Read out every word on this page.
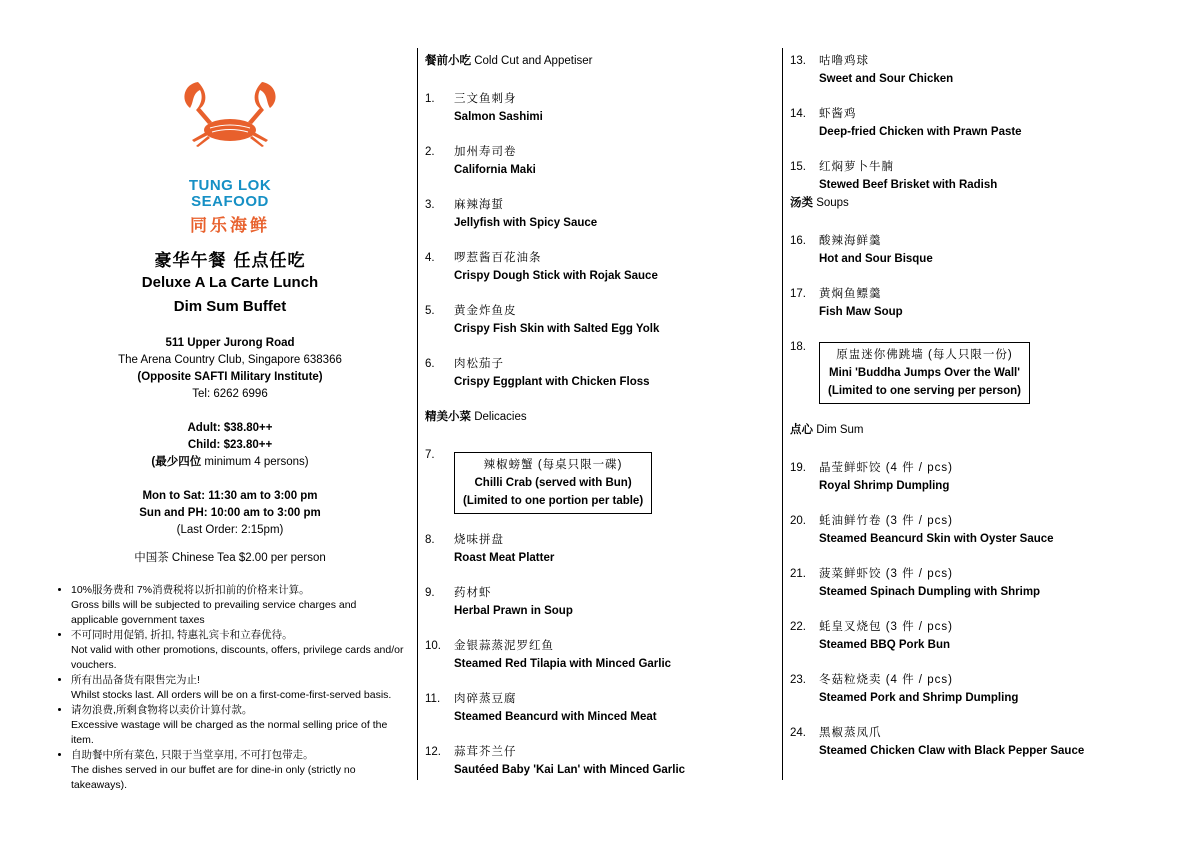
TUNG LOK
SEAFOOD
同乐海鲜
豪华午餐 任点任吃
Deluxe A La Carte Lunch
Dim Sum Buffet
511 Upper Jurong Road
The Arena Country Club, Singapore 638366
(Opposite SAFTI Military Institute)
Tel: 6262 6996
Adult: $38.80++
Child: $23.80++
(最少四位 minimum 4 persons)
Mon to Sat: 11:30 am to 3:00 pm
Sun and PH: 10:00 am to 3:00 pm
(Last Order: 2:15pm)
中国茶 Chinese Tea $2.00 per person
• 10%服务费和 7%消费税将以折扣前的价格来计算。
Gross bills will be subjected to prevailing service charges and applicable government taxes
• 不可同时用促销, 折扣, 特惠礼宾卡和立春优待。
Not valid with other promotions, discounts, offers, privilege cards and/or vouchers.
• 所有出品备货有限售完为止!
Whilst stocks last. All orders will be on a first-come-first-served basis.
• 请勿浪费,所剩食物将以卖价计算付款。
Excessive wastage will be charged as the normal selling price of the item.
• 自助餐中所有菜色, 只限于当堂享用, 不可打包带走。
The dishes served in our buffet are for dine-in only (strictly no takeaways).
餐前小吃 Cold Cut and Appetiser
1.	三文鱼刺身
Salmon Sashimi
2.	加州寿司卷
California Maki
3.	麻辣海蜇
Jellyfish with Spicy Sauce
4.	啰惹酱百花油条
Crispy Dough Stick with Rojak Sauce
5.	黄金炸鱼皮
Crispy Fish Skin with Salted Egg Yolk
6.	肉松茄子
Crispy Eggplant with Chicken Floss
精美小菜 Delicacies
7.
辣椒螃蟹 (每桌只限一碟)
Chilli Crab (served with Bun)
(Limited to one portion per table)
8.	烧味拼盘
Roast Meat Platter
9.	药材虾
Herbal Prawn in Soup
10.	金银蒜蒸泥罗红鱼
Steamed Red Tilapia with Minced Garlic
11.	肉碎蒸豆腐
Steamed Beancurd with Minced Meat
12.	蒜茸芥兰仔
Sautéed Baby 'Kai Lan' with Minced Garlic
13.	咕噜鸡球
Sweet and Sour Chicken
14.	虾酱鸡
Deep-fried Chicken with Prawn Paste
15.	红焖萝卜牛腩
Stewed Beef Brisket with Radish
汤类 Soups
16.	酸辣海鲜羹
Hot and Sour Bisque
17.	黄焖鱼鳔羹
Fish Maw Soup
18.
原盅迷你佛跳墙 (每人只限一份)
Mini 'Buddha Jumps Over the Wall'
(Limited to one serving per person)
点心 Dim Sum
19.	晶莹鲜虾饺 (4 件 / pcs)
Royal Shrimp Dumpling
20.	蚝油鲜竹卷 (3 件 / pcs)
Steamed Beancurd Skin with Oyster Sauce
21.	菠菜鲜虾饺 (3 件 / pcs)
Steamed Spinach Dumpling with Shrimp
22.	蚝皇叉烧包 (3 件 / pcs)
Steamed BBQ Pork Bun
23.	冬菇粒烧卖 (4 件 / pcs)
Steamed Pork and Shrimp Dumpling
24.	黑椒蒸凤爪
Steamed Chicken Claw with Black Pepper Sauce
